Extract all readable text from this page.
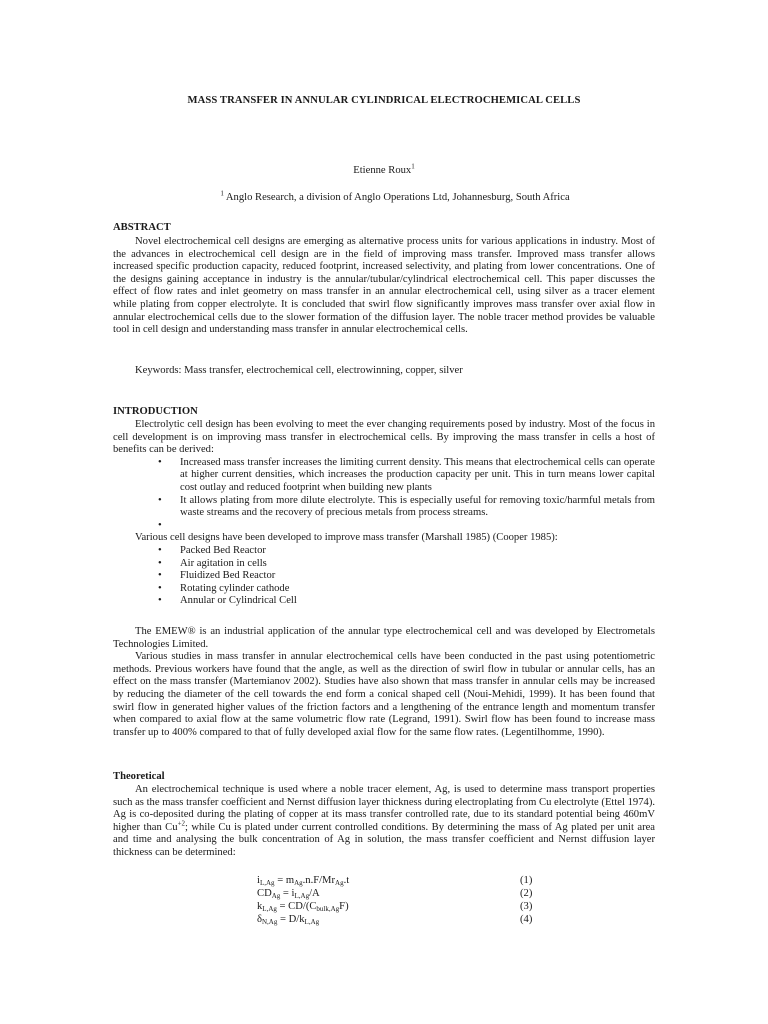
MASS TRANSFER IN ANNULAR CYLINDRICAL ELECTROCHEMICAL CELLS
Etienne Roux$^1$
$^1$ Anglo Research, a division of Anglo Operations Ltd, Johannesburg, South Africa
ABSTRACT

Novel electrochemical cell designs are emerging as alternative process units for various applications in industry. Most of the advances in electrochemical cell design are in the field of improving mass transfer. Improved mass transfer allows increased specific production capacity, reduced footprint, increased selectivity, and plating from lower concentrations. One of the designs gaining acceptance in industry is the annular/tubular/cylindrical electrochemical cell. This paper discusses the effect of flow rates and inlet geometry on mass transfer in an annular electrochemical cell, using silver as a tracer element while plating from copper electrolyte. It is concluded that swirl flow significantly improves mass transfer over axial flow in annular electrochemical cells due to the slower formation of the diffusion layer. The noble tracer method provides be valuable tool in cell design and understanding mass transfer in annular electrochemical cells.

Keywords: Mass transfer, electrochemical cell, electrowinning, copper, silver

INTRODUCTION

Electrolytic cell design has been evolving to meet the ever changing requirements posed by industry. Most of the focus in cell development is on improving mass transfer in electrochemical cells. By improving the mass transfer in cells a host of benefits can be derived:

• Increased mass transfer increases the limiting current density. This means that electrochemical cells can operate at higher current densities, which increases the production capacity per unit. This in turn means lower capital cost outlay and reduced footprint when building new plants
• It allows plating from more dilute electrolyte. This is especially useful for removing toxic/harmful metals from waste streams and the recovery of precious metals from process streams.
•

Various cell designs have been developed to improve mass transfer (Marshall 1985) (Cooper 1985):

• Packed Bed Reactor
• Air agitation in cells
• Fluidized Bed Reactor
• Rotating cylinder cathode
• Annular or Cylindrical Cell

The EMEW® is an industrial application of the annular type electrochemical cell and was developed by Electrometals Technologies Limited.

Various studies in mass transfer in annular electrochemical cells have been conducted in the past using potentiometric methods. Previous workers have found that the angle, as well as the direction of swirl flow in tubular or annular cells, has an effect on the mass transfer (Martemianov 2002). Studies have also shown that mass transfer in annular cells may be increased by reducing the diameter of the cell towards the end form a conical shaped cell (Noui-Mehidi, 1999). It has been found that swirl flow in generated higher values of the friction factors and a lengthening of the entrance length and momentum transfer when compared to axial flow at the same volumetric flow rate (Legrand, 1991). Swirl flow has been found to increase mass transfer up to 400% compared to that of fully developed axial flow for the same flow rates. (Legentilhomme, 1990).

Theoretical

An electrochemical technique is used where a noble tracer element, Ag, is used to determine mass transport properties such as the mass transfer coefficient and Nernst diffusion layer thickness during electroplating from Cu electrolyte (Ettel 1974). Ag is co-deposited during the plating of copper at its mass transfer controlled rate, due to its standard potential being 460mV higher than $Cu^{+2}$; while Cu is plated under current controlled conditions. By determining the mass of Ag plated per unit area and time and analysing the bulk concentration of Ag in solution, the mass transfer coefficient and Nernst diffusion layer thickness can be determined:

$i_{L,Ag} = m_{Ag}.n.F/Mr_{Ag}.t$	(1)
$CD_{Ag} = i_{L,Ag}/A$	(2)
$k_{L,Ag} = CD/(C_{bulk,Ag}F)$	(3)
$\delta_{N,Ag} = D/k_{L,Ag}$	(4)
